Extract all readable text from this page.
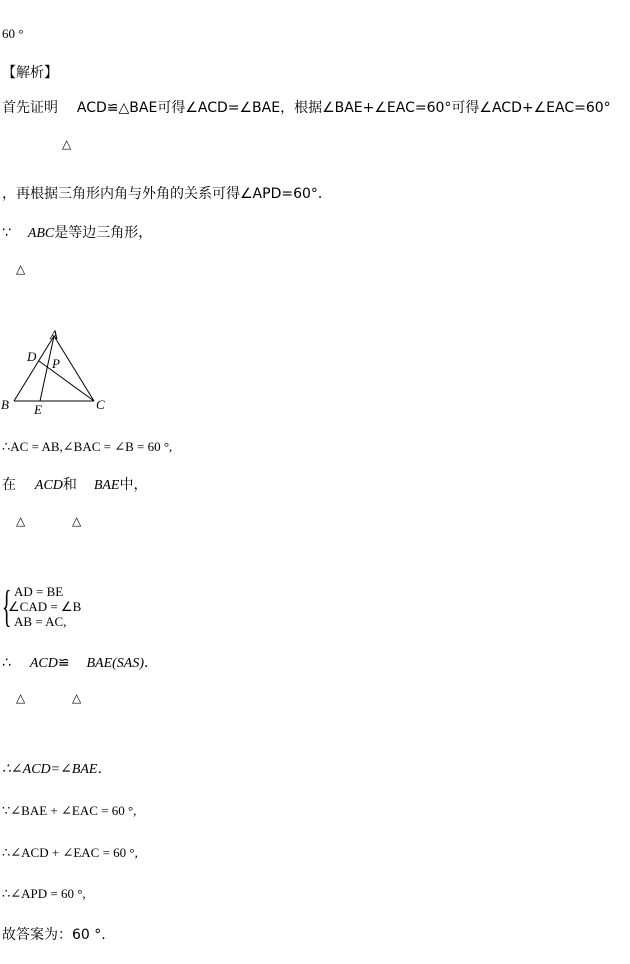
60 °
【解析】
首先证明 ACD≌△BAE可得∠ACD=∠BAE，根据∠BAE+∠EAC=60°可得∠ACD+∠EAC=60°
△
，再根据三角形内角与外角的关系可得∠APD=60°．
∵ ABC是等边三角形，
△
A
B	C
D
E
P
∴AC = AB,∠BAC = ∠B = 60 °,
在 ACD和 BAE中，
△	△
{ AD = BE
∠CAD = ∠B
AB = AC,
∴ ACD≌ BAE(SAS)．
△	△
∴∠ACD=∠BAE．
∵∠BAE + ∠EAC = 60 °,
∴∠ACD + ∠EAC = 60 °,
∴∠APD = 60 °,
故答案为：60 °.
